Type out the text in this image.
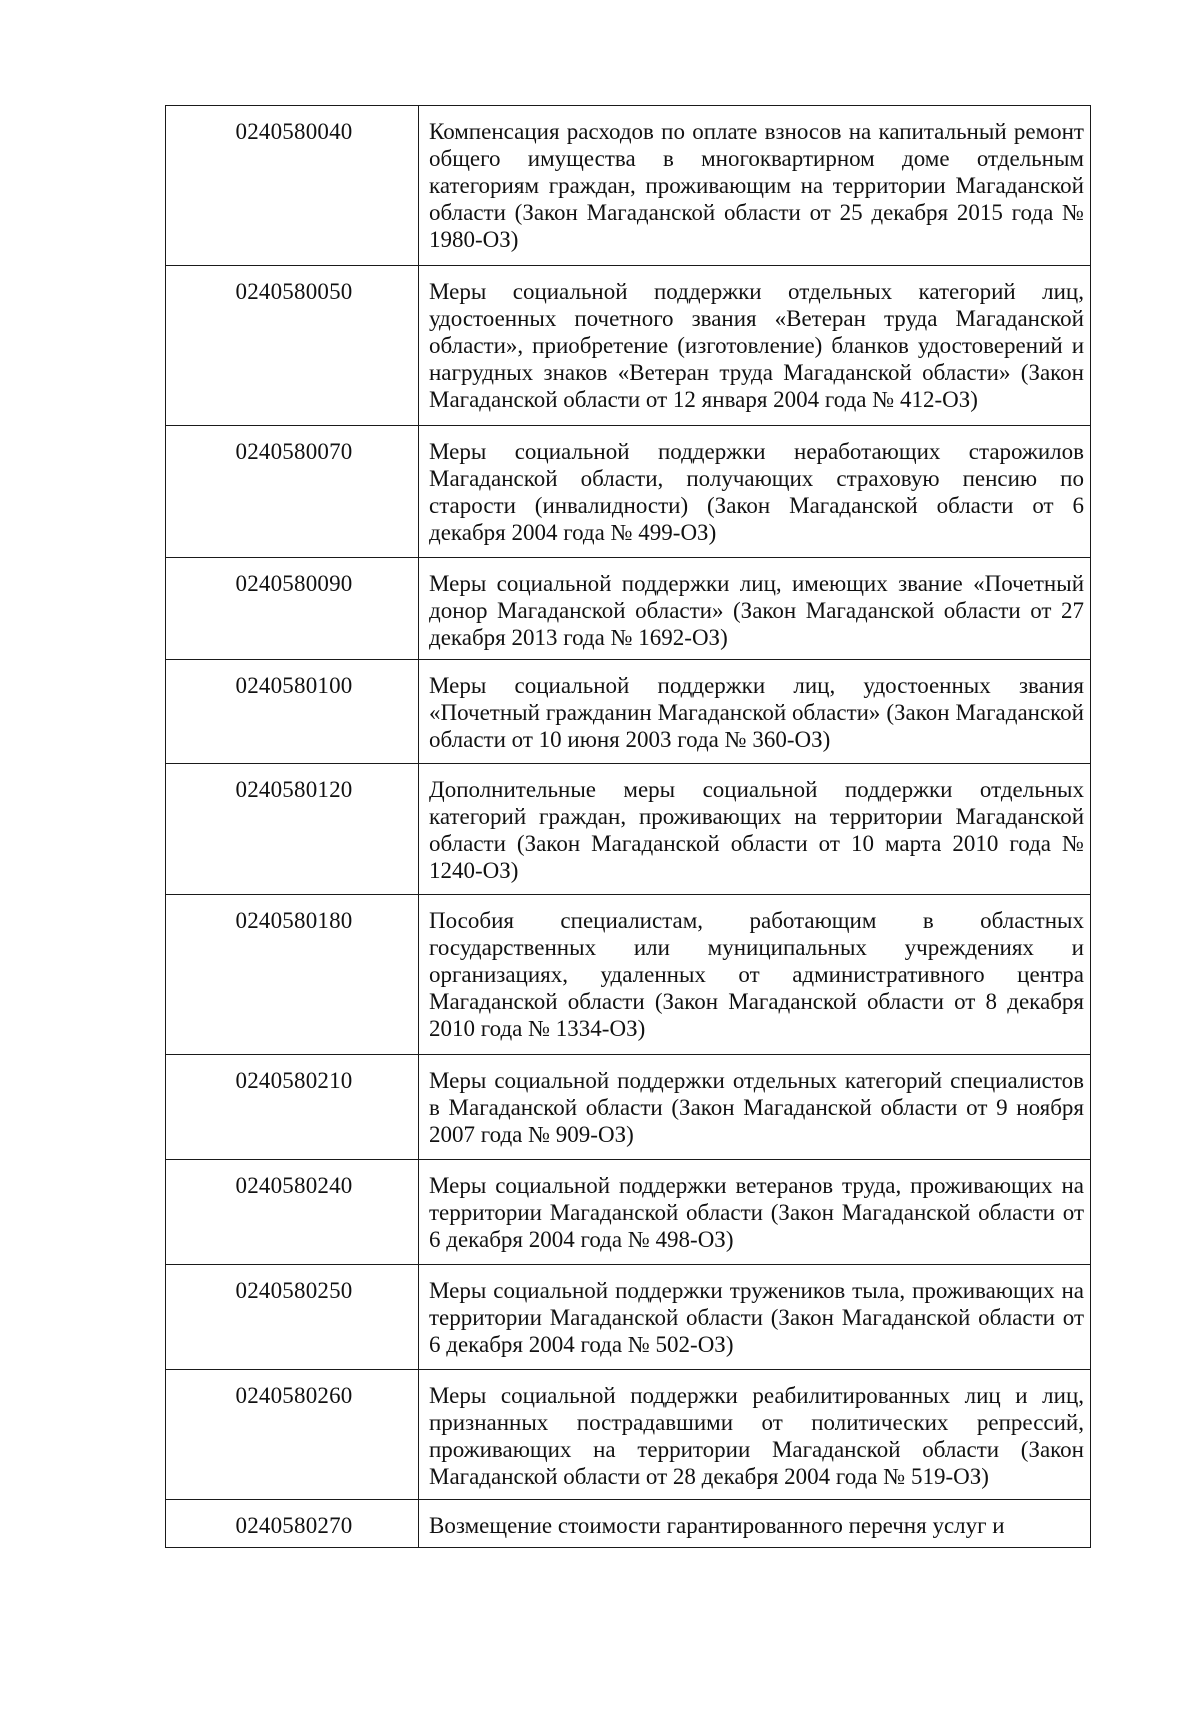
0240580040	Компенсация расходов по оплате взносов на капитальный ремонт общего имущества в многоквартирном доме отдельным категориям граждан, проживающим на территории Магаданской области (Закон Магаданской области от 25 декабря 2015 года № 1980-ОЗ)
0240580050	Меры социальной поддержки отдельных категорий лиц, удостоенных почетного звания «Ветеран труда Магаданской области», приобретение (изготовление) бланков удостоверений и нагрудных знаков «Ветеран труда Магаданской области» (Закон Магаданской области от 12 января 2004 года № 412-ОЗ)
0240580070	Меры социальной поддержки неработающих старожилов Магаданской области, получающих страховую пенсию по старости (инвалидности) (Закон Магаданской области от 6 декабря 2004 года № 499-ОЗ)
0240580090	Меры социальной поддержки лиц, имеющих звание «Почетный донор Магаданской области» (Закон Магаданской области от 27 декабря 2013 года № 1692-ОЗ)
0240580100	Меры социальной поддержки лиц, удостоенных звания «Почетный гражданин Магаданской области» (Закон Магаданской области от 10 июня 2003 года № 360-ОЗ)
0240580120	Дополнительные меры социальной поддержки отдельных категорий граждан, проживающих на территории Магаданской области (Закон Магаданской области от 10 марта 2010 года № 1240-ОЗ)
0240580180	Пособия специалистам, работающим в областных государственных или муниципальных учреждениях и организациях, удаленных от административного центра Магаданской области (Закон Магаданской области от 8 декабря 2010 года № 1334-ОЗ)
0240580210	Меры социальной поддержки отдельных категорий специалистов в Магаданской области (Закон Магаданской области от 9 ноября 2007 года № 909-ОЗ)
0240580240	Меры социальной поддержки ветеранов труда, проживающих на территории Магаданской области (Закон Магаданской области от 6 декабря 2004 года № 498-ОЗ)
0240580250	Меры социальной поддержки тружеников тыла, проживающих на территории Магаданской области (Закон Магаданской области от 6 декабря 2004 года № 502-ОЗ)
0240580260	Меры социальной поддержки реабилитированных лиц и лиц, признанных пострадавшими от политических репрессий, проживающих на территории Магаданской области (Закон Магаданской области от 28 декабря 2004 года № 519-ОЗ)
0240580270	Возмещение стоимости гарантированного перечня услуг и
